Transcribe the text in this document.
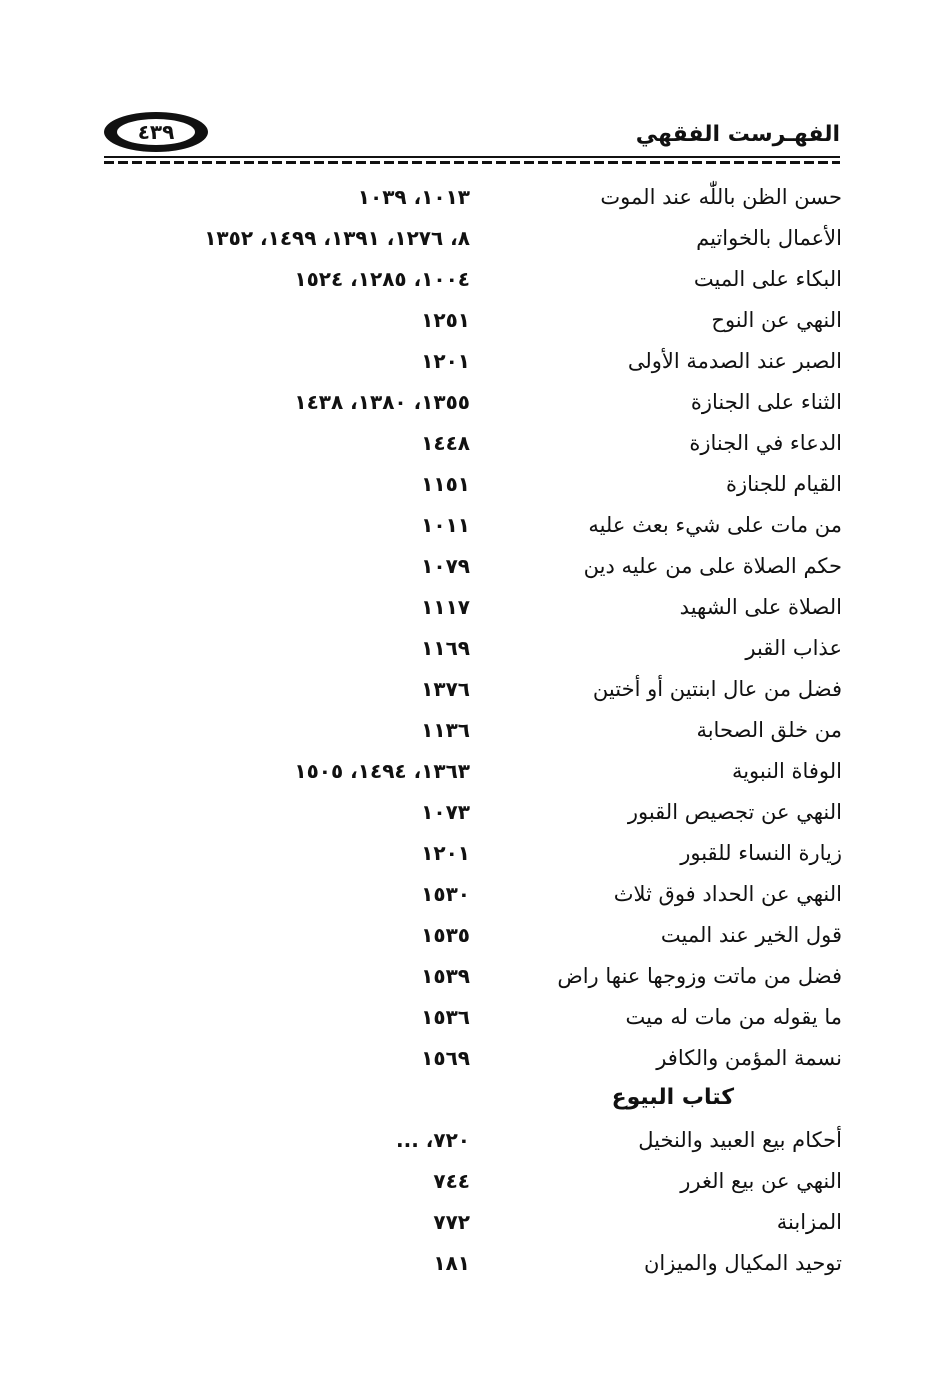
٤٣٩	الفهـرست الفقهي
حسن الظن باللّٰه عند الموت
١٠١٣، ١٠٣٩
الأعمال بالخواتيم
٨، ١٢٧٦، ١٣٩١، ١٤٩٩، ١٣٥٢
البكاء على الميت
١٠٠٤، ١٢٨٥، ١٥٢٤
النهي عن النوح
١٢٥١
الصبر عند الصدمة الأولى
١٢٠١
الثناء على الجنازة
١٣٥٥، ١٣٨٠، ١٤٣٨
الدعاء في الجنازة
١٤٤٨
القيام للجنازة
١١٥١
من مات على شيء بعث عليه
١٠١١
حكم الصلاة على من عليه دين
١٠٧٩
الصلاة على الشهيد
١١١٧
عذاب القبر
١١٦٩
فضل من عال ابنتين أو أختين
١٣٧٦
من خلق الصحابة
١١٣٦
الوفاة النبوية
١٣٦٣، ١٤٩٤، ١٥٠٥
النهي عن تجصيص القبور
١٠٧٣
زيارة النساء للقبور
١٢٠١
النهي عن الحداد فوق ثلاث
١٥٣٠
قول الخير عند الميت
١٥٣٥
فضل من ماتت وزوجها عنها راض
١٥٣٩
ما يقوله من مات له ميت
١٥٣٦
نسمة المؤمن والكافر
١٥٦٩
كتاب البيوع
أحكام بيع العبيد والنخيل
٧٢٠، ...
النهي عن بيع الغرر
٧٤٤
المزابنة
٧٧٢
توحيد المكيال والميزان
١٨١
